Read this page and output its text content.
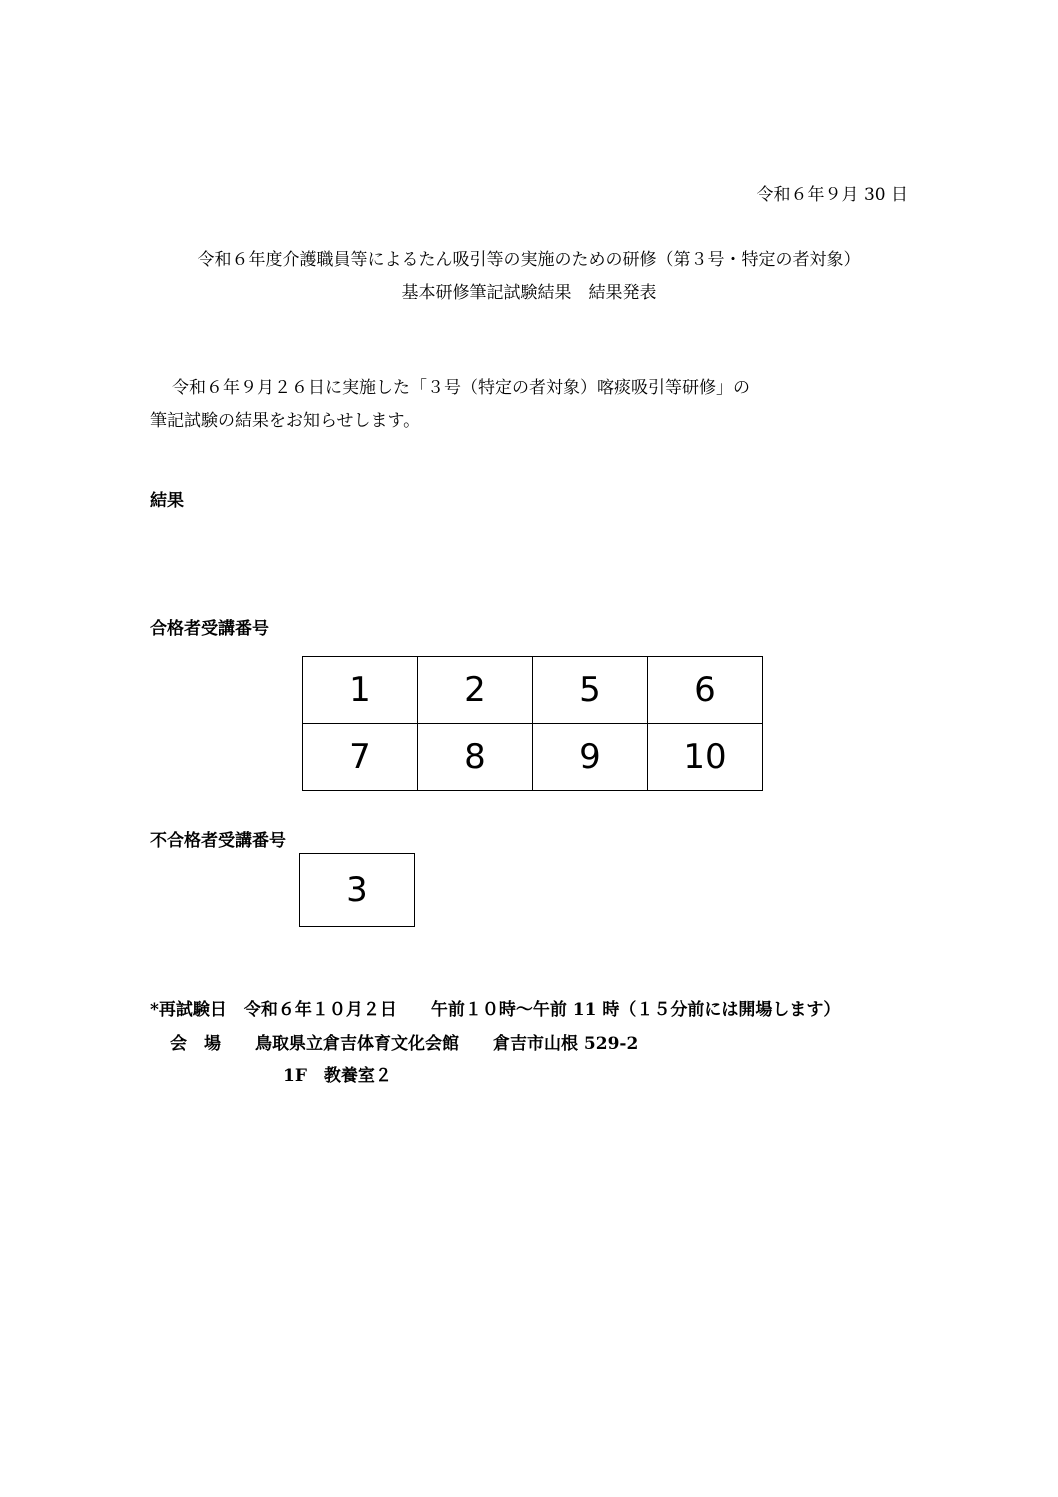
令和６年９月 30 日
令和６年度介護職員等によるたん吸引等の実施のための研修（第３号・特定の者対象）
基本研修筆記試験結果　結果発表
令和６年９月２６日に実施した「３号（特定の者対象）喀痰吸引等研修」の
筆記試験の結果をお知らせします。
結果
合格者受講番号
1	2	5	6
7	8	9	10
不合格者受講番号
3
*再試験日　令和６年１０月２日　　午前１０時～午前 11 時（１５分前には開場します）
会　場　　鳥取県立倉吉体育文化会館　　倉吉市山根 529-2
1F　教養室２
